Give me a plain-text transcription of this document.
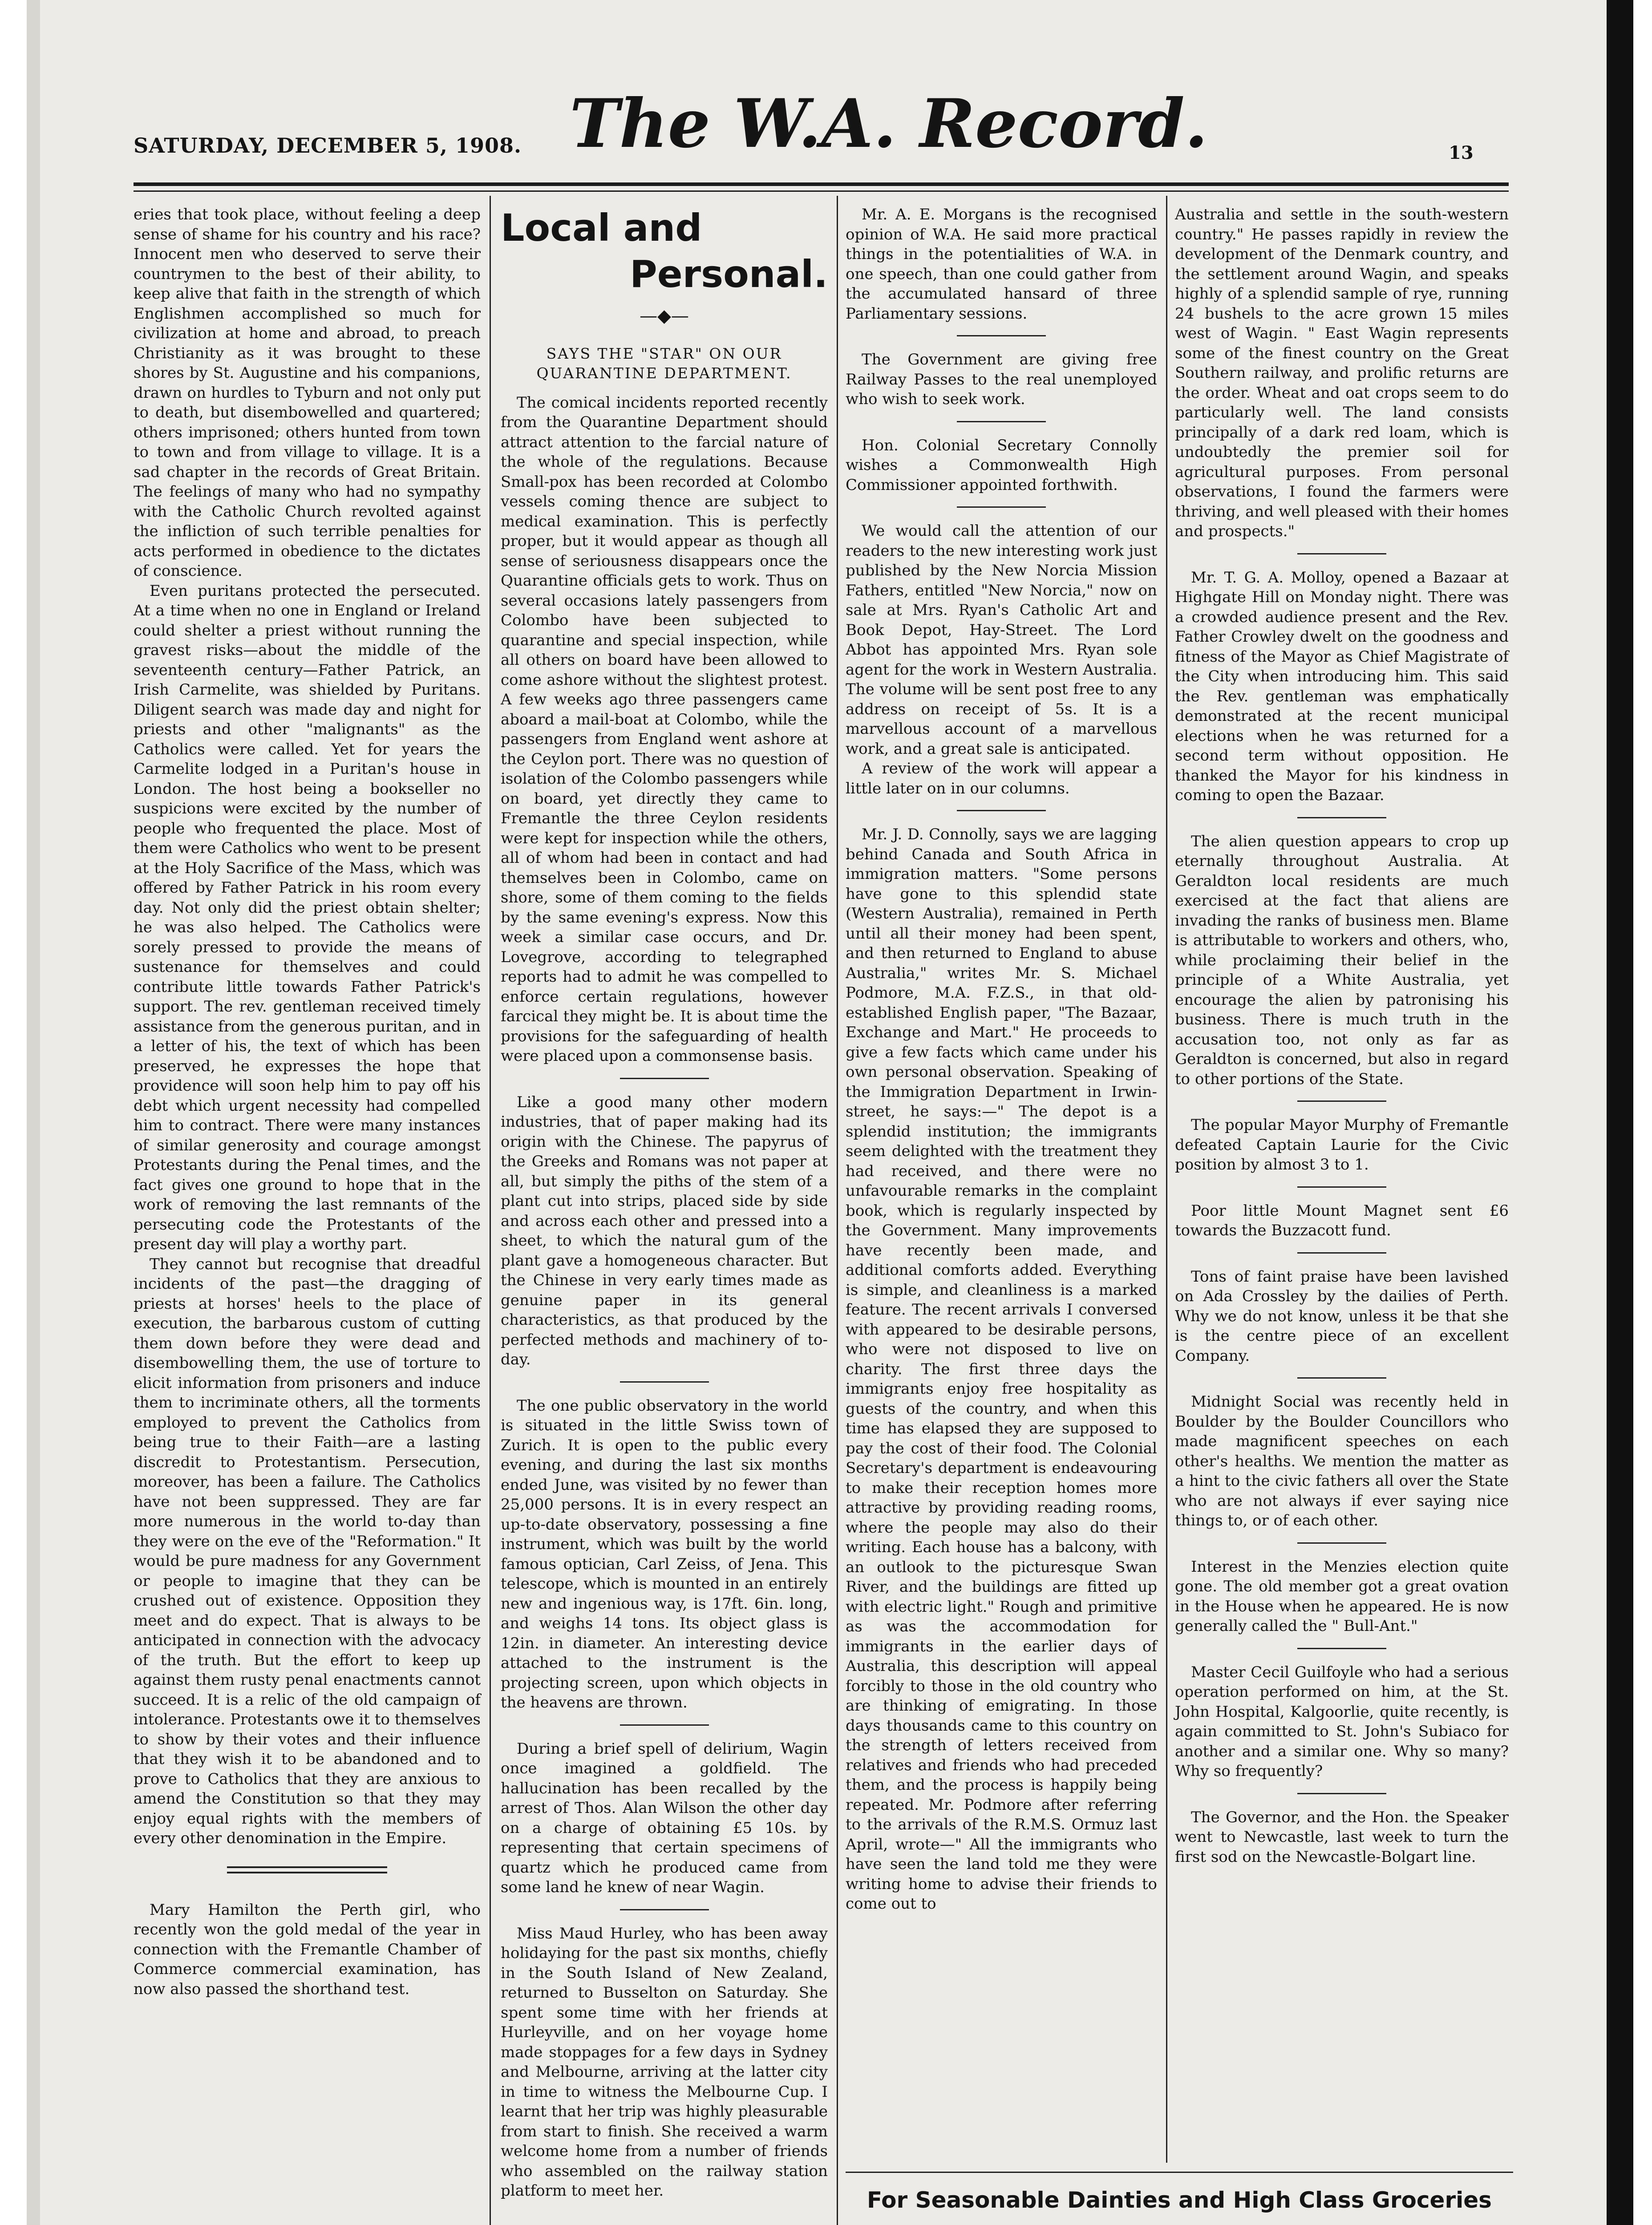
SATURDAY, DECEMBER 5, 1908. The W.A. Record.	13

eries that took place, without feeling a deep sense of shame for his country and his race? Innocent men who deserved to serve their countrymen to the best of their ability, to keep alive that faith in the strength of which Englishmen accomplished so much for civilization at home and abroad, to preach Christianity as it was brought to these shores by St. Augustine and his companions, drawn on hurdles to Tyburn and not only put to death, but disembowelled and quartered; others imprisoned; others hunted from town to town and from village to village. It is a sad chapter in the records of Great Britain. The feelings of many who had no sympathy with the Catholic Church revolted against the infliction of such terrible penalties for acts performed in obedience to the dictates of conscience.

Even puritans protected the persecuted. At a time when no one in England or Ireland could shelter a priest without running the gravest risks—about the middle of the seventeenth century—Father Patrick, an Irish Carmelite, was shielded by Puritans. Diligent search was made day and night for priests and other "malignants" as the Catholics were called. Yet for years the Carmelite lodged in a Puritan's house in London. The host being a bookseller no suspicions were excited by the number of people who frequented the place. Most of them were Catholics who went to be present at the Holy Sacrifice of the Mass, which was offered by Father Patrick in his room every day. Not only did the priest obtain shelter; he was also helped. The Catholics were sorely pressed to provide the means of sustenance for themselves and could contribute little towards Father Patrick's support. The rev. gentleman received timely assistance from the generous puritan, and in a letter of his, the text of which has been preserved, he expresses the hope that providence will soon help him to pay off his debt which urgent necessity had compelled him to contract. There were many instances of similar generosity and courage amongst Protestants during the Penal times, and the fact gives one ground to hope that in the work of removing the last remnants of the persecuting code the Protestants of the present day will play a worthy part.

They cannot but recognise that dreadful incidents of the past—the dragging of priests at horses' heels to the place of execution, the barbarous custom of cutting them down before they were dead and disembowelling them, the use of torture to elicit information from prisoners and induce them to incriminate others, all the torments employed to prevent the Catholics from being true to their Faith—are a lasting discredit to Protestantism. Persecution, moreover, has been a failure. The Catholics have not been suppressed. They are far more numerous in the world to-day than they were on the eve of the "Reformation." It would be pure madness for any Government or people to imagine that they can be crushed out of existence. Opposition they meet and do expect. That is always to be anticipated in connection with the advocacy of the truth. But the effort to keep up against them rusty penal enactments cannot succeed. It is a relic of the old campaign of intolerance. Protestants owe it to themselves to show by their votes and their influence that they wish it to be abandoned and to prove to Catholics that they are anxious to amend the Constitution so that they may enjoy equal rights with the members of every other denomination in the Empire.

Mary Hamilton the Perth girl, who recently won the gold medal of the year in connection with the Fremantle Chamber of Commerce commercial examination, has now also passed the shorthand test.

Local and
Personal.
—◆—
SAYS THE "STAR" ON OUR QUARANTINE DEPARTMENT.

The comical incidents reported recently from the Quarantine Department should attract attention to the farcial nature of the whole of the regulations. Because Small-pox has been recorded at Colombo vessels coming thence are subject to medical examination. This is perfectly proper, but it would appear as though all sense of seriousness disappears once the Quarantine officials gets to work. Thus on several occasions lately passengers from Colombo have been subjected to quarantine and special inspection, while all others on board have been allowed to come ashore without the slightest protest. A few weeks ago three passengers came aboard a mail-boat at Colombo, while the passengers from England went ashore at the Ceylon port. There was no question of isolation of the Colombo passengers while on board, yet directly they came to Fremantle the three Ceylon residents were kept for inspection while the others, all of whom had been in contact and had themselves been in Colombo, came on shore, some of them coming to the fields by the same evening's express. Now this week a similar case occurs, and Dr. Lovegrove, according to telegraphed reports had to admit he was compelled to enforce certain regulations, however farcical they might be. It is about time the provisions for the safeguarding of health were placed upon a commonsense basis.

Like a good many other modern industries, that of paper making had its origin with the Chinese. The papyrus of the Greeks and Romans was not paper at all, but simply the piths of the stem of a plant cut into strips, placed side by side and across each other and pressed into a sheet, to which the natural gum of the plant gave a homogeneous character. But the Chinese in very early times made as genuine paper in its general characteristics, as that produced by the perfected methods and machinery of to-day.

The one public observatory in the world is situated in the little Swiss town of Zurich. It is open to the public every evening, and during the last six months ended June, was visited by no fewer than 25,000 persons. It is in every respect an up-to-date observatory, possessing a fine instrument, which was built by the world famous optician, Carl Zeiss, of Jena. This telescope, which is mounted in an entirely new and ingenious way, is 17ft. 6in. long, and weighs 14 tons. Its object glass is 12in. in diameter. An interesting device attached to the instrument is the projecting screen, upon which objects in the heavens are thrown.

During a brief spell of delirium, Wagin once imagined a goldfield. The hallucination has been recalled by the arrest of Thos. Alan Wilson the other day on a charge of obtaining £5 10s. by representing that certain specimens of quartz which he produced came from some land he knew of near Wagin.

Miss Maud Hurley, who has been away holidaying for the past six months, chiefly in the South Island of New Zealand, returned to Busselton on Saturday. She spent some time with her friends at Hurleyville, and on her voyage home made stoppages for a few days in Sydney and Melbourne, arriving at the latter city in time to witness the Melbourne Cup. I learnt that her trip was highly pleasurable from start to finish. She received a warm welcome home from a number of friends who assembled on the railway station platform to meet her.

Mr. A. E. Morgans is the recognised opinion of W.A. He said more practical things in the potentialities of W.A. in one speech, than one could gather from the accumulated hansard of three Parliamentary sessions.

The Government are giving free Railway Passes to the real unemployed who wish to seek work.

Hon. Colonial Secretary Connolly wishes a Commonwealth High Commissioner appointed forthwith.

We would call the attention of our readers to the new interesting work just published by the New Norcia Mission Fathers, entitled "New Norcia," now on sale at Mrs. Ryan's Catholic Art and Book Depot, Hay-Street. The Lord Abbot has appointed Mrs. Ryan sole agent for the work in Western Australia. The volume will be sent post free to any address on receipt of 5s. It is a marvellous account of a marvellous work, and a great sale is anticipated.

A review of the work will appear a little later on in our columns.

Mr. J. D. Connolly, says we are lagging behind Canada and South Africa in immigration matters. "Some persons have gone to this splendid state (Western Australia), remained in Perth until all their money had been spent, and then returned to England to abuse Australia," writes Mr. S. Michael Podmore, M.A. F.Z.S., in that old-established English paper, "The Bazaar, Exchange and Mart." He proceeds to give a few facts which came under his own personal observation. Speaking of the Immigration Department in Irwin-street, he says:—" The depot is a splendid institution; the immigrants seem delighted with the treatment they had received, and there were no unfavourable remarks in the complaint book, which is regularly inspected by the Government. Many improvements have recently been made, and additional comforts added. Everything is simple, and cleanliness is a marked feature. The recent arrivals I conversed with appeared to be desirable persons, who were not disposed to live on charity. The first three days the immigrants enjoy free hospitality as guests of the country, and when this time has elapsed they are supposed to pay the cost of their food. The Colonial Secretary's department is endeavouring to make their reception homes more attractive by providing reading rooms, where the people may also do their writing. Each house has a balcony, with an outlook to the picturesque Swan River, and the buildings are fitted up with electric light." Rough and primitive as was the accommodation for immigrants in the earlier days of Australia, this description will appeal forcibly to those in the old country who are thinking of emigrating. In those days thousands came to this country on the strength of letters received from relatives and friends who had preceded them, and the process is happily being repeated. Mr. Podmore after referring to the arrivals of the R.M.S. Ormuz last April, wrote—" All the immigrants who have seen the land told me they were writing home to advise their friends to come out to

Australia and settle in the south-western country." He passes rapidly in review the development of the Denmark country, and the settlement around Wagin, and speaks highly of a splendid sample of rye, running 24 bushels to the acre grown 15 miles west of Wagin. " East Wagin represents some of the finest country on the Great Southern railway, and prolific returns are the order. Wheat and oat crops seem to do particularly well. The land consists principally of a dark red loam, which is undoubtedly the premier soil for agricultural purposes. From personal observations, I found the farmers were thriving, and well pleased with their homes and prospects."

Mr. T. G. A. Molloy, opened a Bazaar at Highgate Hill on Monday night. There was a crowded audience present and the Rev. Father Crowley dwelt on the goodness and fitness of the Mayor as Chief Magistrate of the City when introducing him. This said the Rev. gentleman was emphatically demonstrated at the recent municipal elections when he was returned for a second term without opposition. He thanked the Mayor for his kindness in coming to open the Bazaar.

The alien question appears to crop up eternally throughout Australia. At Geraldton local residents are much exercised at the fact that aliens are invading the ranks of business men. Blame is attributable to workers and others, who, while proclaiming their belief in the principle of a White Australia, yet encourage the alien by patronising his business. There is much truth in the accusation too, not only as far as Geraldton is concerned, but also in regard to other portions of the State.

The popular Mayor Murphy of Fremantle defeated Captain Laurie for the Civic position by almost 3 to 1.

Poor little Mount Magnet sent £6 towards the Buzzacott fund.

Tons of faint praise have been lavished on Ada Crossley by the dailies of Perth. Why we do not know, unless it be that she is the centre piece of an excellent Company.

Midnight Social was recently held in Boulder by the Boulder Councillors who made magnificent speeches on each other's healths. We mention the matter as a hint to the civic fathers all over the State who are not always if ever saying nice things to, or of each other.

Interest in the Menzies election quite gone. The old member got a great ovation in the House when he appeared. He is now generally called the " Bull-Ant."

Master Cecil Guilfoyle who had a serious operation performed on him, at the St. John Hospital, Kalgoorlie, quite recently, is again committed to St. John's Subiaco for another and a similar one. Why so many? Why so frequently?

The Governor, and the Hon. the Speaker went to Newcastle, last week to turn the first sod on the Newcastle-Bolgart line.

For Seasonable Dainties and High Class Groceries
